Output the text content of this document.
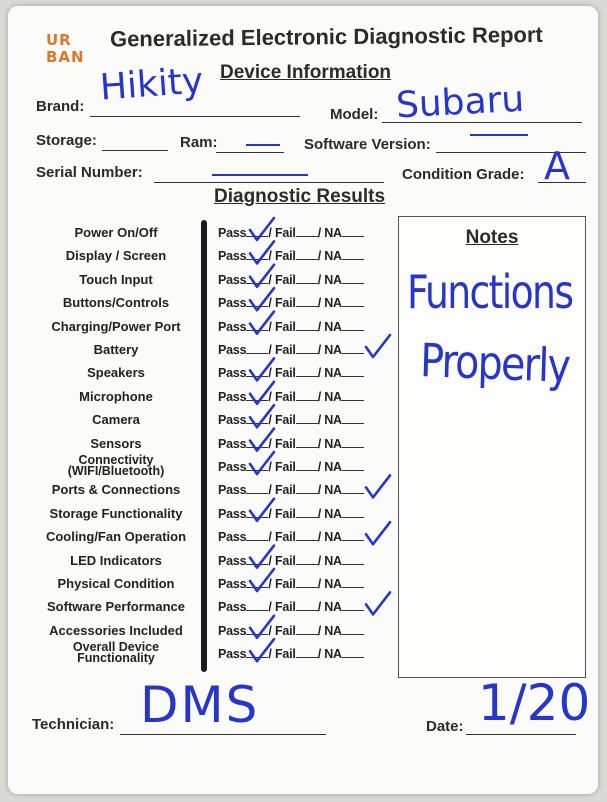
UR
BAN
Generalized Electronic Diagnostic Report
Device Information
Brand: Hikity
Model: Subaru
Storage:	Ram:	Software Version:
Serial Number:	Condition Grade: A
Diagnostic Results
Power On/Off	Pass / Fail / NA
Display / Screen	Pass / Fail / NA
Touch Input	Pass / Fail / NA
Buttons/Controls	Pass / Fail / NA
Charging/Power Port	Pass / Fail / NA
Battery	Pass / Fail / NA
Speakers	Pass / Fail / NA
Microphone	Pass / Fail / NA
Camera	Pass / Fail / NA
Sensors	Pass / Fail / NA
Connectivity
(WIFI/Bluetooth)	Pass / Fail / NA
Ports & Connections	Pass / Fail / NA
Storage Functionality	Pass / Fail / NA
Cooling/Fan Operation	Pass / Fail / NA
LED Indicators	Pass / Fail / NA
Physical Condition	Pass / Fail / NA
Software Performance	Pass / Fail / NA
Accessories Included	Pass / Fail / NA
Overall Device
Functionality	Pass / Fail / NA
Notes
Functions
Properly
Technician: DMS	Date: 1/20
